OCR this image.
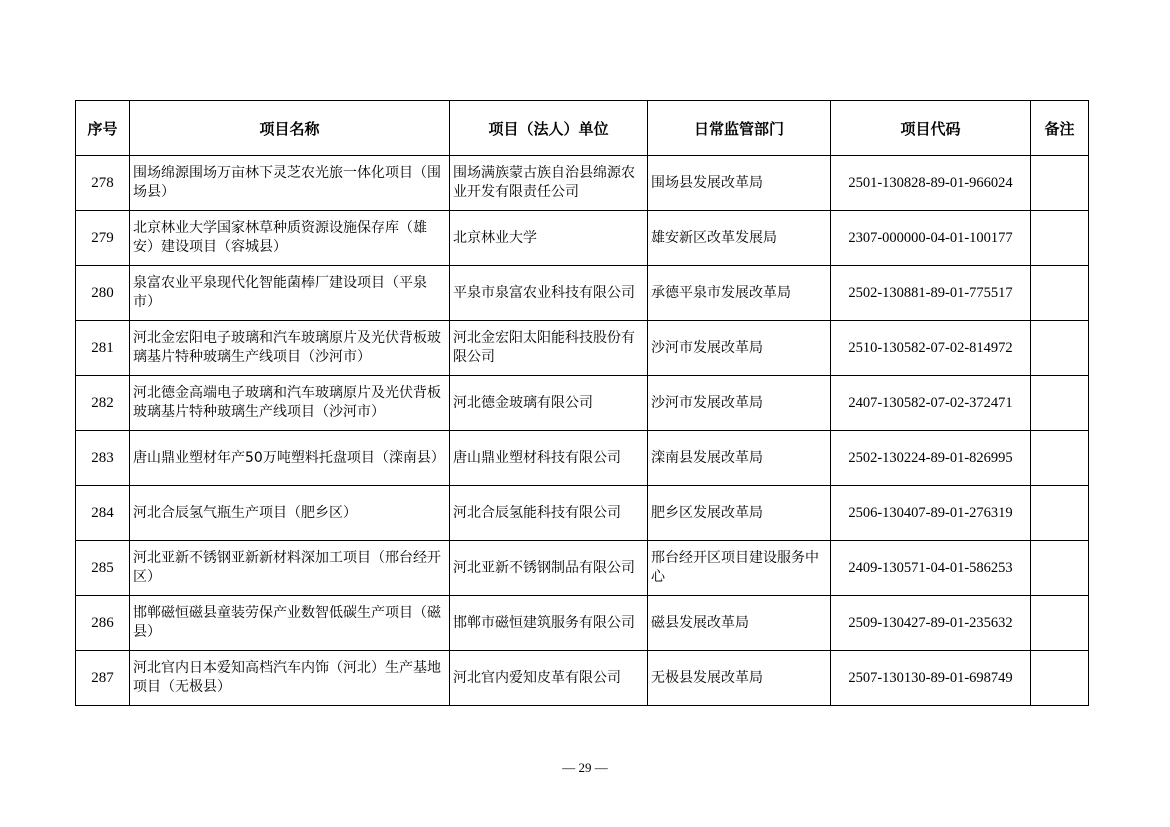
序号	项目名称	项目（法人）单位	日常监管部门	项目代码	备注
278	围场绵源围场万亩林下灵芝农光旅一体化项目（围场县）	围场满族蒙古族自治县绵源农业开发有限责任公司	围场县发展改革局	2501-130828-89-01-966024	
279	北京林业大学国家林草种质资源设施保存库（雄安）建设项目（容城县）	北京林业大学	雄安新区改革发展局	2307-000000-04-01-100177	
280	泉富农业平泉现代化智能菌棒厂建设项目（平泉市）	平泉市泉富农业科技有限公司	承德平泉市发展改革局	2502-130881-89-01-775517	
281	河北金宏阳电子玻璃和汽车玻璃原片及光伏背板玻璃基片特种玻璃生产线项目（沙河市）	河北金宏阳太阳能科技股份有限公司	沙河市发展改革局	2510-130582-07-02-814972	
282	河北德金高端电子玻璃和汽车玻璃原片及光伏背板玻璃基片特种玻璃生产线项目（沙河市）	河北德金玻璃有限公司	沙河市发展改革局	2407-130582-07-02-372471	
283	唐山鼎业塑材年产50万吨塑料托盘项目（滦南县）	唐山鼎业塑材科技有限公司	滦南县发展改革局	2502-130224-89-01-826995	
284	河北合辰氢气瓶生产项目（肥乡区）	河北合辰氢能科技有限公司	肥乡区发展改革局	2506-130407-89-01-276319	
285	河北亚新不锈钢亚新新材料深加工项目（邢台经开区）	河北亚新不锈钢制品有限公司	邢台经开区项目建设服务中心	2409-130571-04-01-586253	
286	邯郸磁恒磁县童装劳保产业数智低碳生产项目（磁县）	邯郸市磁恒建筑服务有限公司	磁县发展改革局	2509-130427-89-01-235632	
287	河北官内日本爱知高档汽车内饰（河北）生产基地项目（无极县）	河北官内爱知皮革有限公司	无极县发展改革局	2507-130130-89-01-698749	
— 29 —
